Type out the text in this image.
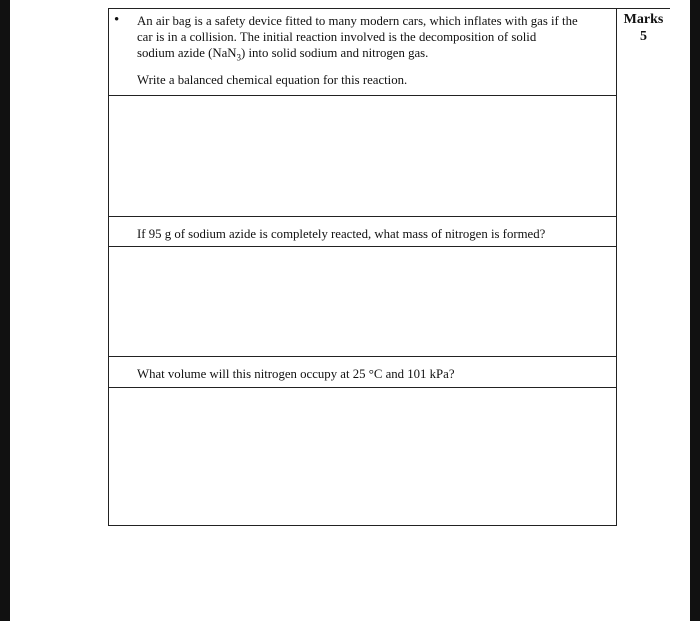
Marks
5
• An air bag is a safety device fitted to many modern cars, which inflates with gas if the
car is in a collision. The initial reaction involved is the decomposition of solid
sodium azide (NaN$_3$) into solid sodium and nitrogen gas.
Write a balanced chemical equation for this reaction.
If 95 g of sodium azide is completely reacted, what mass of nitrogen is formed?
What volume will this nitrogen occupy at 25 °C and 101 kPa?
